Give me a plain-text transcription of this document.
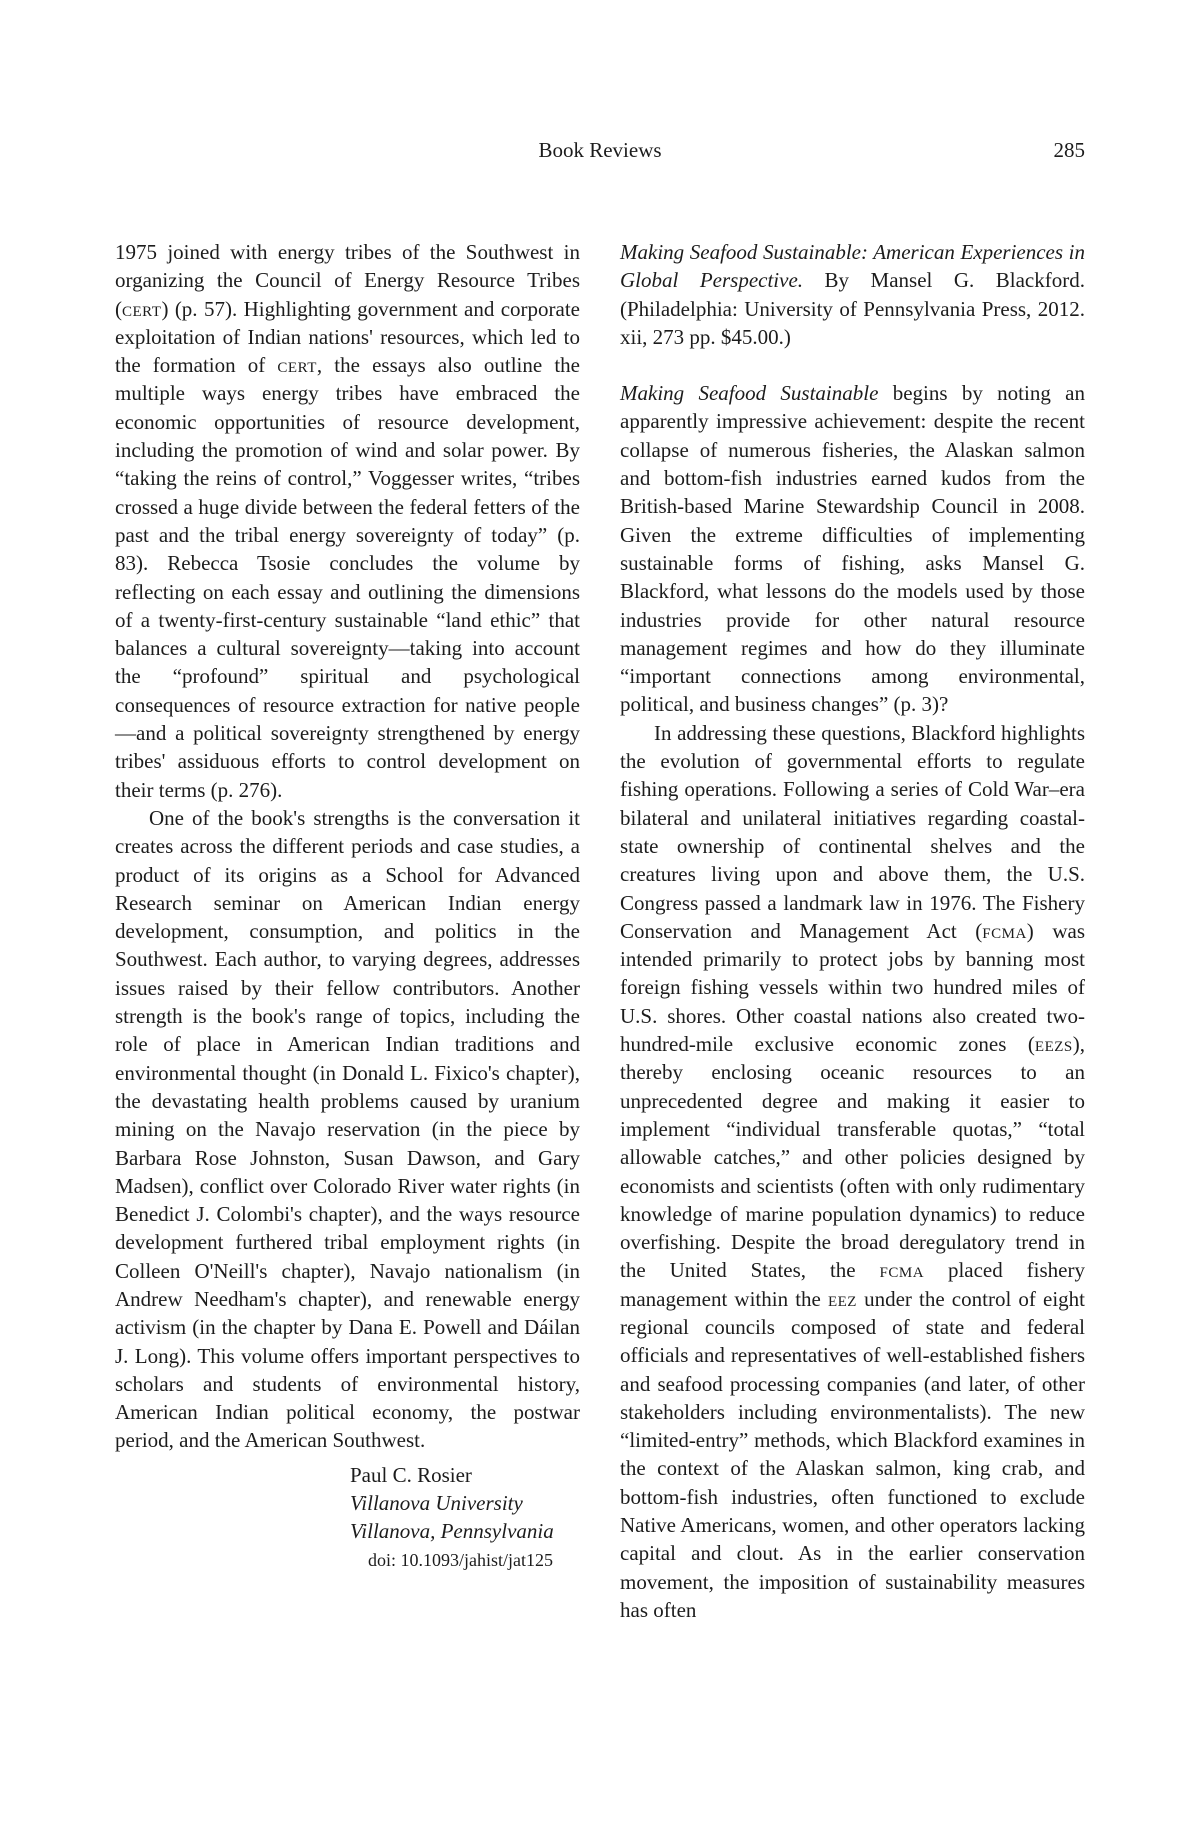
Book Reviews	285

1975 joined with energy tribes of the Southwest in organizing the Council of Energy Resource Tribes (cert) (p. 57). Highlighting government and corporate exploitation of Indian nations' resources, which led to the formation of cert, the essays also outline the multiple ways energy tribes have embraced the economic opportunities of resource development, including the promotion of wind and solar power. By “taking the reins of control,” Voggesser writes, “tribes crossed a huge divide between the federal fetters of the past and the tribal energy sovereignty of today” (p. 83). Rebecca Tsosie concludes the volume by reflecting on each essay and outlining the dimensions of a twenty-first-century sustainable “land ethic” that balances a cultural sovereignty—taking into account the “profound” spiritual and psychological consequences of resource extraction for native people—and a political sovereignty strengthened by energy tribes' assiduous efforts to control development on their terms (p. 276).

One of the book's strengths is the conversation it creates across the different periods and case studies, a product of its origins as a School for Advanced Research seminar on American Indian energy development, consumption, and politics in the Southwest. Each author, to varying degrees, addresses issues raised by their fellow contributors. Another strength is the book's range of topics, including the role of place in American Indian traditions and environmental thought (in Donald L. Fixico's chapter), the devastating health problems caused by uranium mining on the Navajo reservation (in the piece by Barbara Rose Johnston, Susan Dawson, and Gary Madsen), conflict over Colorado River water rights (in Benedict J. Colombi's chapter), and the ways resource development furthered tribal employment rights (in Colleen O'Neill's chapter), Navajo nationalism (in Andrew Needham's chapter), and renewable energy activism (in the chapter by Dana E. Powell and Dáilan J. Long). This volume offers important perspectives to scholars and students of environmental history, American Indian political economy, the postwar period, and the American Southwest.

Paul C. Rosier
Villanova University
Villanova, Pennsylvania
doi: 10.1093/jahist/jat125

Making Seafood Sustainable: American Experiences in Global Perspective. By Mansel G. Blackford. (Philadelphia: University of Pennsylvania Press, 2012. xii, 273 pp. $45.00.)

Making Seafood Sustainable begins by noting an apparently impressive achievement: despite the recent collapse of numerous fisheries, the Alaskan salmon and bottom-fish industries earned kudos from the British-based Marine Stewardship Council in 2008. Given the extreme difficulties of implementing sustainable forms of fishing, asks Mansel G. Blackford, what lessons do the models used by those industries provide for other natural resource management regimes and how do they illuminate “important connections among environmental, political, and business changes” (p. 3)?

In addressing these questions, Blackford highlights the evolution of governmental efforts to regulate fishing operations. Following a series of Cold War–era bilateral and unilateral initiatives regarding coastal-state ownership of continental shelves and the creatures living upon and above them, the U.S. Congress passed a landmark law in 1976. The Fishery Conservation and Management Act (fcma) was intended primarily to protect jobs by banning most foreign fishing vessels within two hundred miles of U.S. shores. Other coastal nations also created two-hundred-mile exclusive economic zones (eezs), thereby enclosing oceanic resources to an unprecedented degree and making it easier to implement “individual transferable quotas,” “total allowable catches,” and other policies designed by economists and scientists (often with only rudimentary knowledge of marine population dynamics) to reduce overfishing. Despite the broad deregulatory trend in the United States, the fcma placed fishery management within the eez under the control of eight regional councils composed of state and federal officials and representatives of well-established fishers and seafood processing companies (and later, of other stakeholders including environmentalists). The new “limited-entry” methods, which Blackford examines in the context of the Alaskan salmon, king crab, and bottom-fish industries, often functioned to exclude Native Americans, women, and other operators lacking capital and clout. As in the earlier conservation movement, the imposition of sustainability measures has often
